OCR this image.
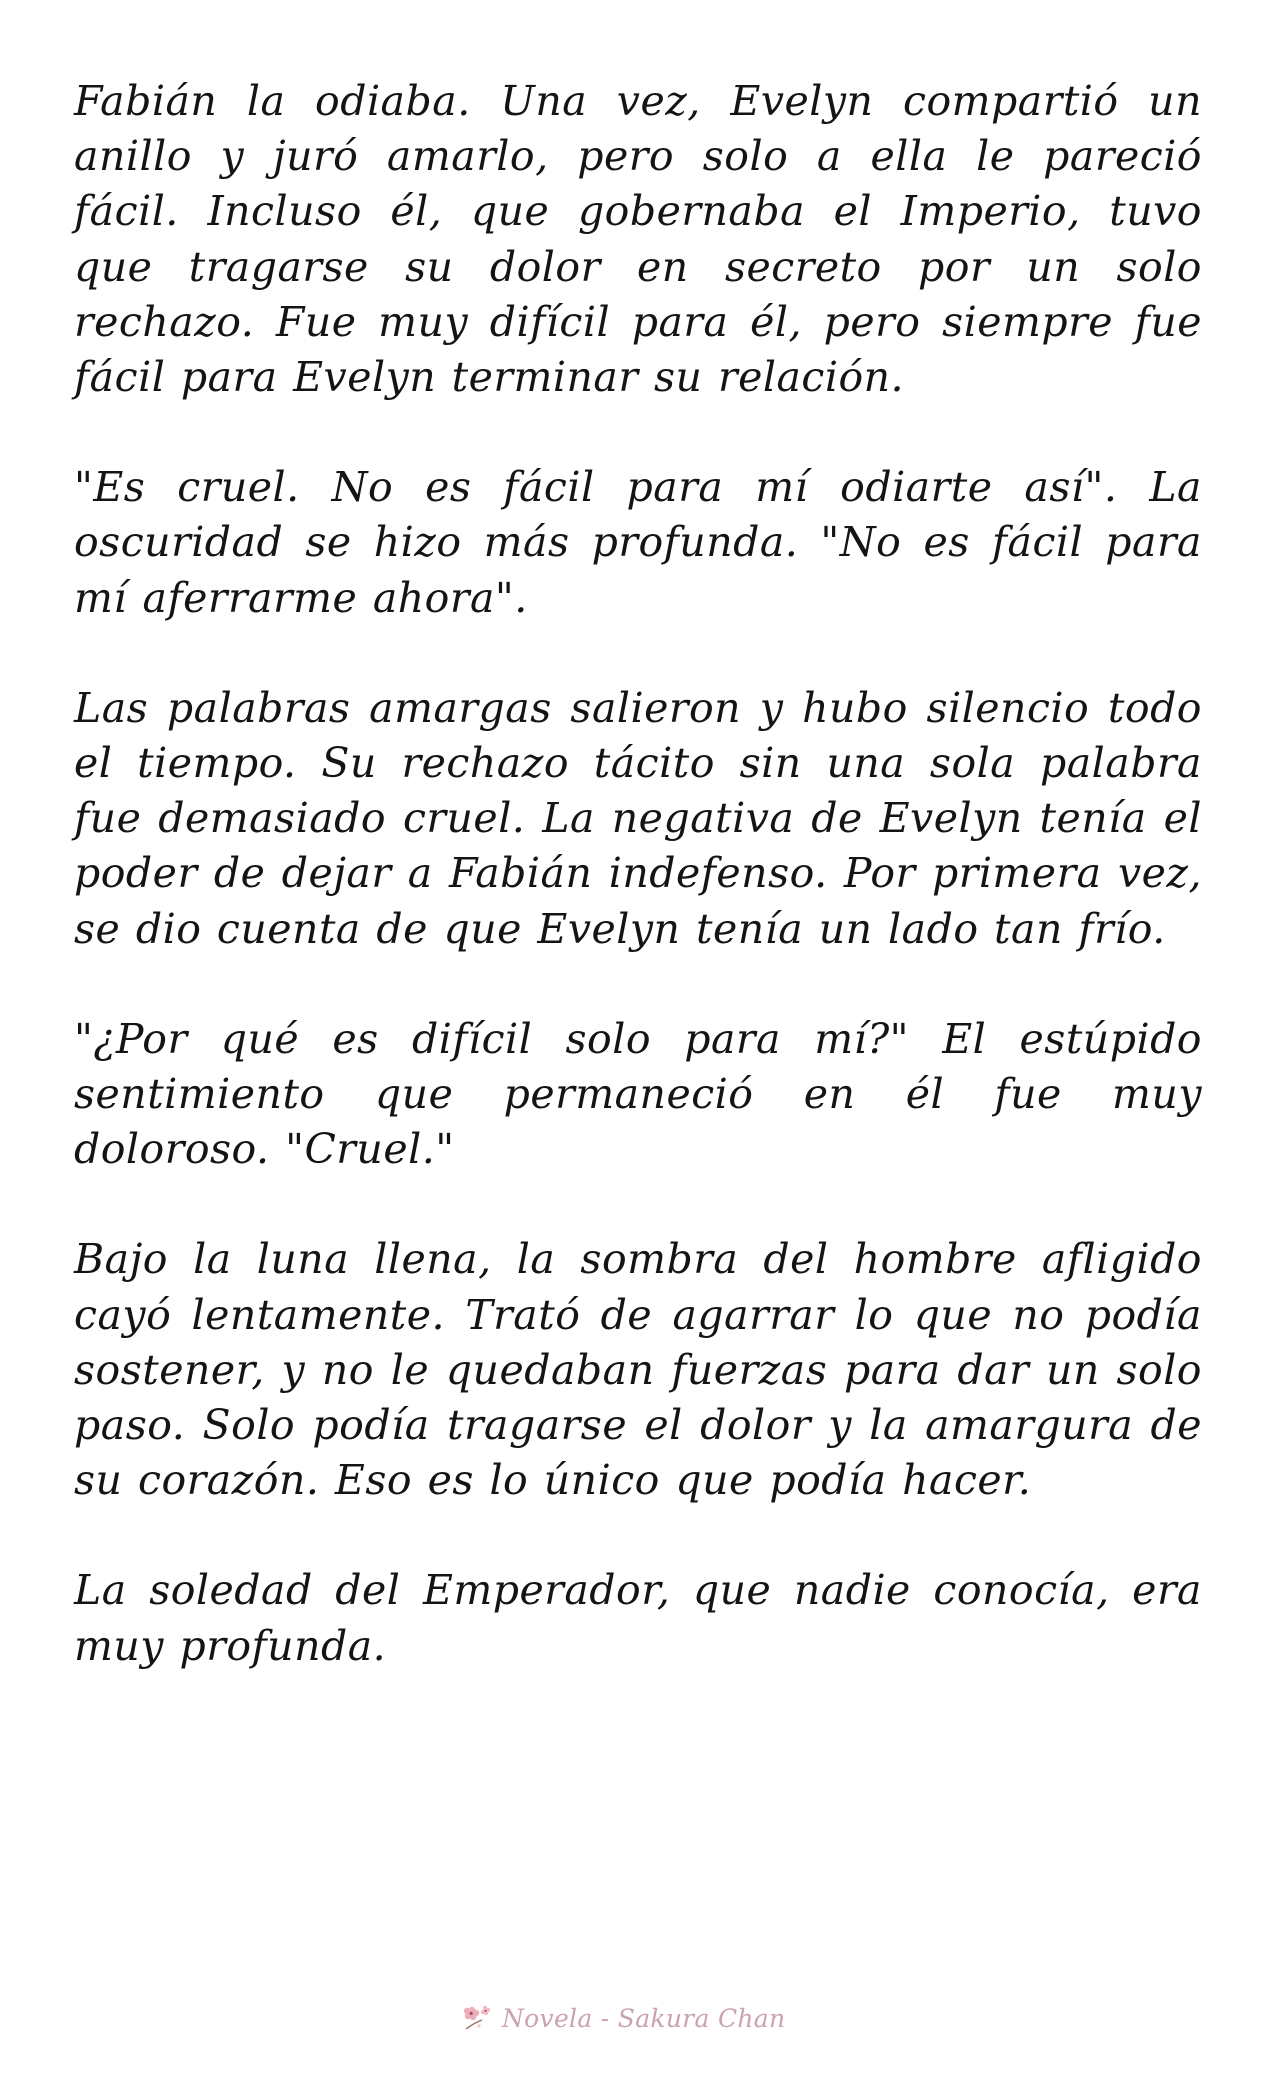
Fabián la odiaba. Una vez, Evelyn compartió un anillo y juró amarlo, pero solo a ella le pareció fácil. Incluso él, que gobernaba el Imperio, tuvo que tragarse su dolor en secreto por un solo rechazo. Fue muy difícil para él, pero siempre fue fácil para Evelyn terminar su relación.

"Es cruel. No es fácil para mí odiarte así". La oscuridad se hizo más profunda. "No es fácil para mí aferrarme ahora".

Las palabras amargas salieron y hubo silencio todo el tiempo. Su rechazo tácito sin una sola palabra fue demasiado cruel. La negativa de Evelyn tenía el poder de dejar a Fabián indefenso. Por primera vez, se dio cuenta de que Evelyn tenía un lado tan frío.

"¿Por qué es difícil solo para mí?" El estúpido sentimiento que permaneció en él fue muy doloroso. "Cruel."

Bajo la luna llena, la sombra del hombre afligido cayó lentamente. Trató de agarrar lo que no podía sostener, y no le quedaban fuerzas para dar un solo paso. Solo podía tragarse el dolor y la amargura de su corazón. Eso es lo único que podía hacer.

La soledad del Emperador, que nadie conocía, era muy profunda.

Novela - Sakura Chan
